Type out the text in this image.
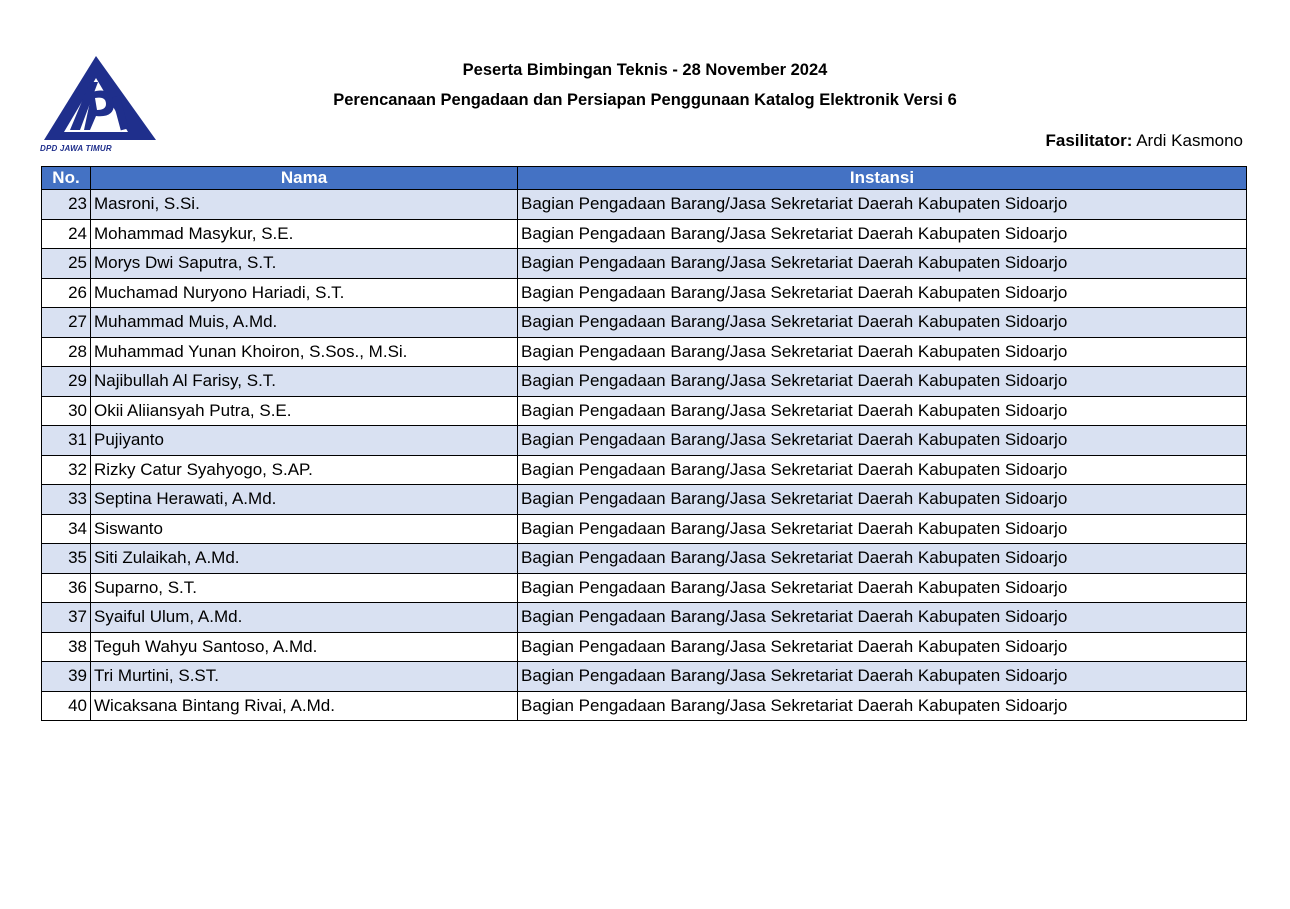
DPD JAWA TIMUR
Peserta Bimbingan Teknis - 28 November 2024
Perencanaan Pengadaan dan Persiapan Penggunaan Katalog Elektronik Versi 6
Fasilitator: Ardi Kasmono
No.	Nama	Instansi
23	Masroni, S.Si.	Bagian Pengadaan Barang/Jasa Sekretariat Daerah Kabupaten Sidoarjo
24	Mohammad Masykur, S.E.	Bagian Pengadaan Barang/Jasa Sekretariat Daerah Kabupaten Sidoarjo
25	Morys Dwi Saputra, S.T.	Bagian Pengadaan Barang/Jasa Sekretariat Daerah Kabupaten Sidoarjo
26	Muchamad Nuryono Hariadi, S.T.	Bagian Pengadaan Barang/Jasa Sekretariat Daerah Kabupaten Sidoarjo
27	Muhammad Muis, A.Md.	Bagian Pengadaan Barang/Jasa Sekretariat Daerah Kabupaten Sidoarjo
28	Muhammad Yunan Khoiron, S.Sos., M.Si.	Bagian Pengadaan Barang/Jasa Sekretariat Daerah Kabupaten Sidoarjo
29	Najibullah Al Farisy, S.T.	Bagian Pengadaan Barang/Jasa Sekretariat Daerah Kabupaten Sidoarjo
30	Okii Aliiansyah Putra, S.E.	Bagian Pengadaan Barang/Jasa Sekretariat Daerah Kabupaten Sidoarjo
31	Pujiyanto	Bagian Pengadaan Barang/Jasa Sekretariat Daerah Kabupaten Sidoarjo
32	Rizky Catur Syahyogo, S.AP.	Bagian Pengadaan Barang/Jasa Sekretariat Daerah Kabupaten Sidoarjo
33	Septina Herawati, A.Md.	Bagian Pengadaan Barang/Jasa Sekretariat Daerah Kabupaten Sidoarjo
34	Siswanto	Bagian Pengadaan Barang/Jasa Sekretariat Daerah Kabupaten Sidoarjo
35	Siti Zulaikah, A.Md.	Bagian Pengadaan Barang/Jasa Sekretariat Daerah Kabupaten Sidoarjo
36	Suparno, S.T.	Bagian Pengadaan Barang/Jasa Sekretariat Daerah Kabupaten Sidoarjo
37	Syaiful Ulum, A.Md.	Bagian Pengadaan Barang/Jasa Sekretariat Daerah Kabupaten Sidoarjo
38	Teguh Wahyu Santoso, A.Md.	Bagian Pengadaan Barang/Jasa Sekretariat Daerah Kabupaten Sidoarjo
39	Tri Murtini, S.ST.	Bagian Pengadaan Barang/Jasa Sekretariat Daerah Kabupaten Sidoarjo
40	Wicaksana Bintang Rivai, A.Md.	Bagian Pengadaan Barang/Jasa Sekretariat Daerah Kabupaten Sidoarjo
